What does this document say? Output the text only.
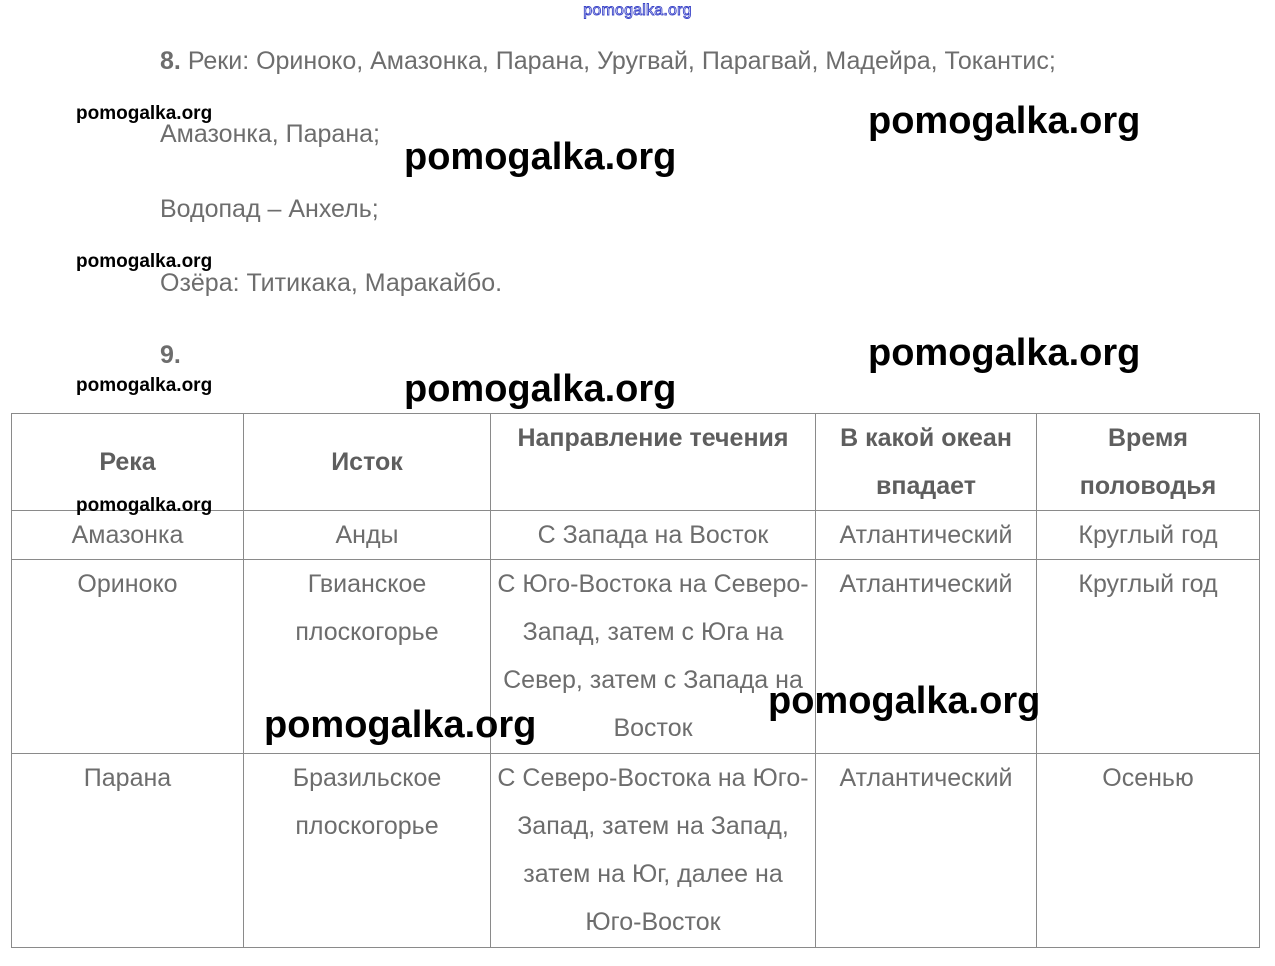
pomogalka.org
8. Реки: Ориноко, Амазонка, Парана, Уругвай, Парагвай, Мадейра, Токантис;
Амазонка, Парана;
Водопад – Анхель;
Озёра: Титикака, Маракайбо.
9.
Река	Исток	Направление течения	В какой океан впадает	Время половодья

Амазонка	Анды	С Запада на Восток	Атлантический	Круглый год

Ориноко	Гвианское плоскогорье	С Юго-Востока на Северо-Запад, затем с Юга на Север, затем с Запада на Восток	Атлантический	Круглый год

Парана	Бразильское плоскогорье	С Северо-Востока на Юго-Запад, затем на Запад, затем на Юг, далее на Юго-Восток	Атлантический	Осенью
pomogalka.org
pomogalka.org
pomogalka.org
pomogalka.org
pomogalka.org
pomogalka.org
pomogalka.org
pomogalka.org
pomogalka.org
pomogalka.org
